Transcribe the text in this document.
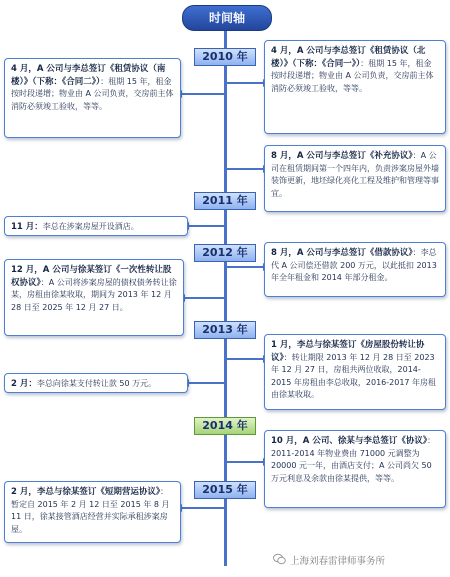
时间轴
2010 年
2011 年
2012 年
2013 年
2014 年
2015 年
4 月，A 公司与李总签订《租赁协议（南楼）》（下称：《合同二》）：租期 15 年，租金按时段递增；物业由 A 公司负责，交房前主体消防必须竣工验收，等等。
4 月，A 公司与李总签订《租赁协议（北楼）》（下称：《合同一》）：租期 15 年，租金按时段递增；物业由 A 公司负责，交房前主体消防必须竣工验收，等等。
8 月，A 公司与李总签订《补充协议》：A 公司在租赁期间第一个四年内，负责涉案房屋外墙装饰更新，地坯绿化亮化工程及维护和管理等事宜。
11 月：李总在涉案房屋开设酒店。
8 月，A 公司与李总签订《借款协议》：李总代 A 公司偿还借款 200 万元，以此抵扣 2013 年全年租金和 2014 年部分租金。
12 月，A 公司与徐某签订《一次性转让股权协议》：A 公司将涉案房屋的债权债务转让徐某，房租由徐某收取，期间为 2013 年 12 月 28 日至 2025 年 12 月 27 日。
1 月，李总与徐某签订《房屋股份转让协议》：转让期限 2013 年 12 月 28 日至 2023 年 12 月 27 日，房租共两位收取，2014-2015 年房租由李总收取，2016-2017 年房租由徐某收取。
2 月：李总向徐某支付转让款 50 万元。
10 月，A 公司、徐某与李总签订《协议》：2011-2014 年物业费由 71000 元调整为 20000 元一年，由酒店支付；A 公司尚欠 50 万元利息及余款由徐某提供，等等。
2 月，李总与徐某签订《短期营运协议》：暂定自 2015 年 2 月 12 日至 2015 年 8 月 11 日，徐某接管酒店经营并实际承租涉案房屋。
上海刘春雷律师事务所
